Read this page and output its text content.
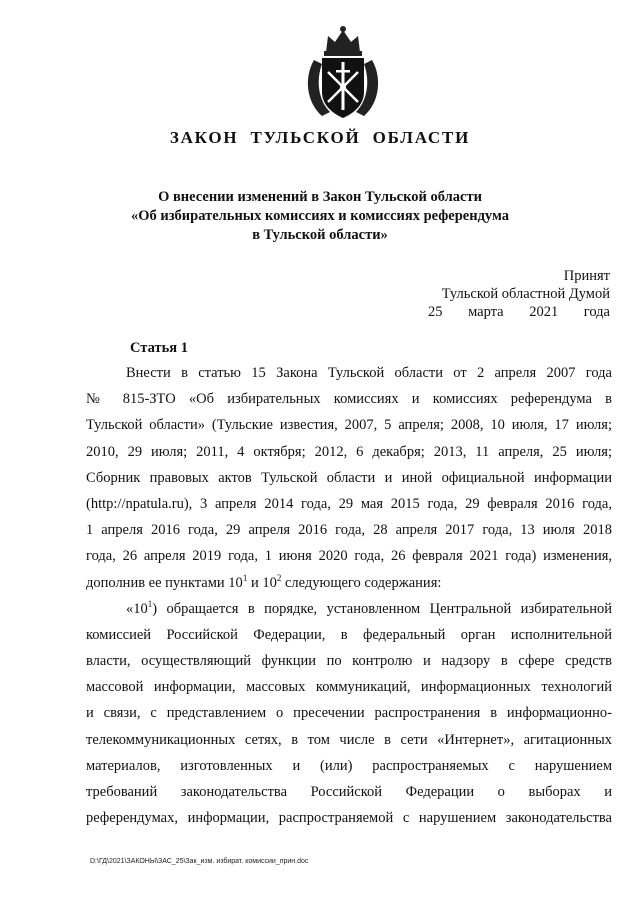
ЗАКОН ТУЛЬСКОЙ ОБЛАСТИ
О внесении изменений в Закон Тульской области
«Об избирательных комиссиях и комиссиях референдума
в Тульской области»
Принят
Тульской областной Думой
25 марта 2021 года
Статья 1
Внести в статью 15 Закона Тульской области от 2 апреля 2007 года
№ 815-ЗТО «Об избирательных комиссиях и комиссиях референдума в
Тульской области» (Тульские известия, 2007, 5 апреля; 2008, 10 июля, 17 июля;
2010, 29 июля; 2011, 4 октября; 2012, 6 декабря; 2013, 11 апреля, 25 июля;
Сборник правовых актов Тульской области и иной официальной информации
(http://npatula.ru), 3 апреля 2014 года, 29 мая 2015 года, 29 февраля 2016 года,
1 апреля 2016 года, 29 апреля 2016 года, 28 апреля 2017 года, 13 июля 2018
года, 26 апреля 2019 года, 1 июня 2020 года, 26 февраля 2021 года) изменения,
дополнив ее пунктами $10^1$ и $10^2$ следующего содержания:
«$10^1$) обращается в порядке, установленном Центральной избирательной
комиссией Российской Федерации, в федеральный орган исполнительной
власти, осуществляющий функции по контролю и надзору в сфере средств
массовой информации, массовых коммуникаций, информационных технологий
и связи, с представлением о пресечении распространения в информационно-
телекоммуникационных сетях, в том числе в сети «Интернет», агитационных
материалов, изготовленных и (или) распространяемых с нарушением
требований законодательства Российской Федерации о выборах и
референдумах, информации, распространяемой с нарушением законодательства
D:\ГД\2021\ЗАКОНЫ\ЗАС_25\Зак_изм. избират. комиссии_прин.doc
